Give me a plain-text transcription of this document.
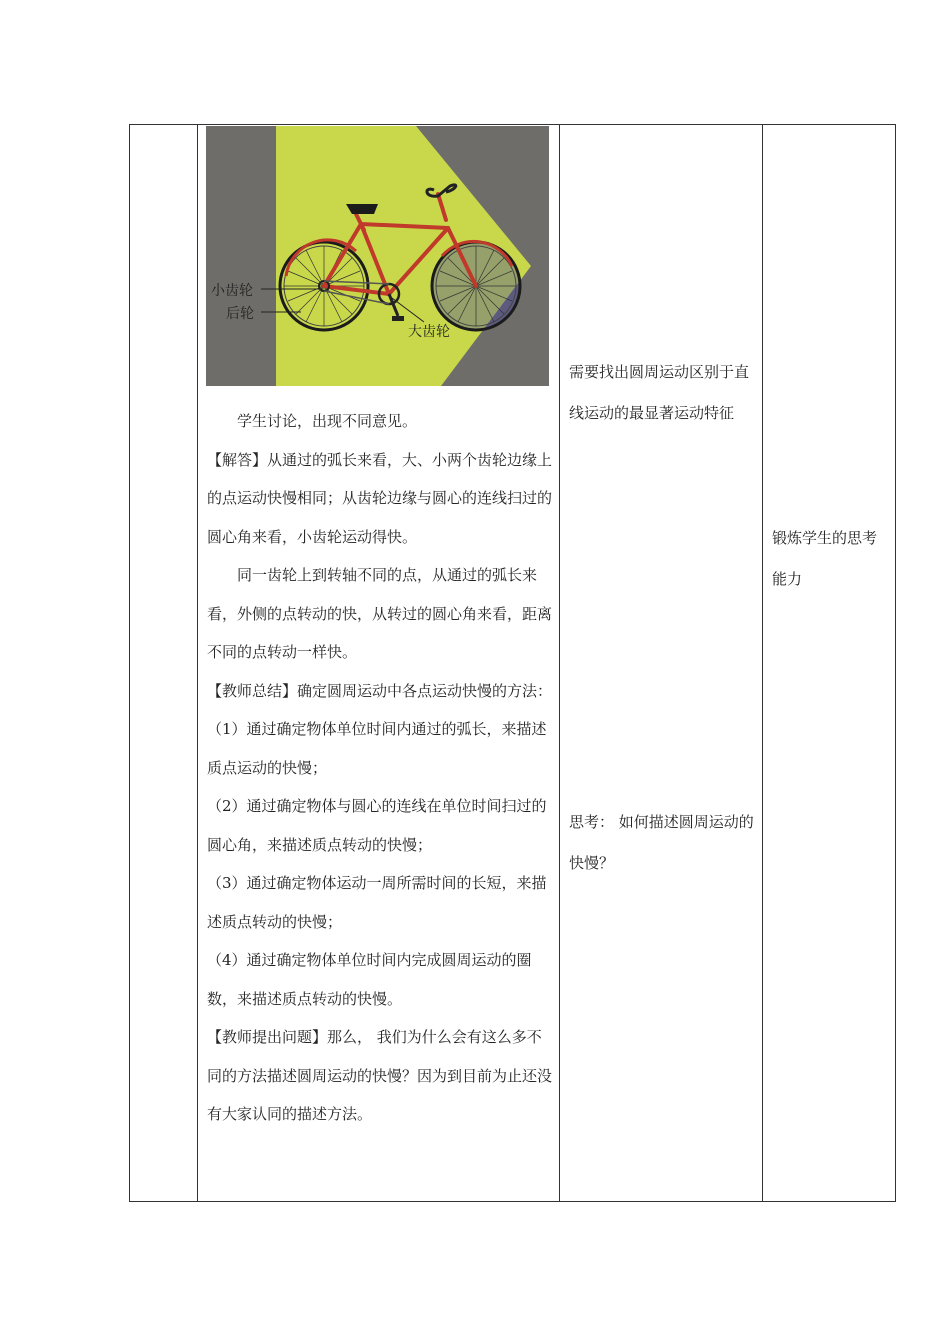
小齿轮
后轮
大齿轮

学生讨论，出现不同意见。

【解答】从通过的弧长来看，大、小两个齿轮边缘上的点运动快慢相同；从齿轮边缘与圆心的连线扫过的圆心角来看，小齿轮运动得快。

同一齿轮上到转轴不同的点，从通过的弧长来看，外侧的点转动的快，从转过的圆心角来看，距离不同的点转动一样快。

【教师总结】确定圆周运动中各点运动快慢的方法：

（1）通过确定物体单位时间内通过的弧长，来描述质点运动的快慢；

（2）通过确定物体与圆心的连线在单位时间扫过的圆心角，来描述质点转动的快慢；

（3）通过确定物体运动一周所需时间的长短，来描述质点转动的快慢；

（4）通过确定物体单位时间内完成圆周运动的圈数，来描述质点转动的快慢。

【教师提出问题】那么， 我们为什么会有这么多不同的方法描述圆周运动的快慢？因为到目前为止还没有大家认同的描述方法。

需要找出圆周运动区别于直线运动的最显著运动特征
思考： 如何描述圆周运动的快慢？
锻炼学生的思考能力
